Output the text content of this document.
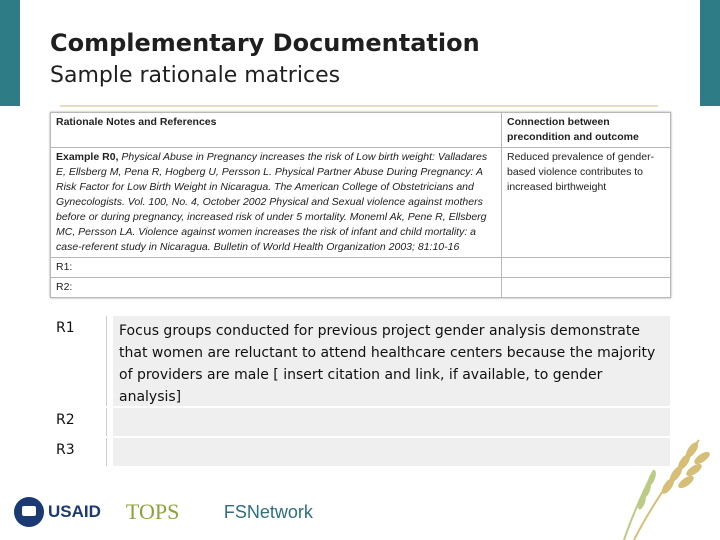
Complementary Documentation
Sample rationale matrices
Rationale Notes and References	Connection between precondition and outcome
Example R0, Physical Abuse in Pregnancy increases the risk of Low birth weight: Valladares E, Ellsberg M, Pena R, Hogberg U, Persson L. Physical Partner Abuse During Pregnancy: A Risk Factor for Low Birth Weight in Nicaragua. The American College of Obstetricians and Gynecologists. Vol. 100, No. 4, October 2002 Physical and Sexual violence against mothers before or during pregnancy, increased risk of under 5 mortality. Moneml Ak, Pene R, Ellsberg MC, Persson LA. Violence against women increases the risk of infant and child mortality: a case-referent study in Nicaragua. Bulletin of World Health Organization 2003; 81:10-16	Reduced prevalence of gender-based violence contributes to increased birthweight
R1:	
R2:	
R1	Focus groups conducted for previous project gender analysis demonstrate that women are reluctant to attend healthcare centers because the majority of providers are male [ insert citation and link, if available, to gender analysis]
R2
R3
USAID TOPS	FSNetwork
